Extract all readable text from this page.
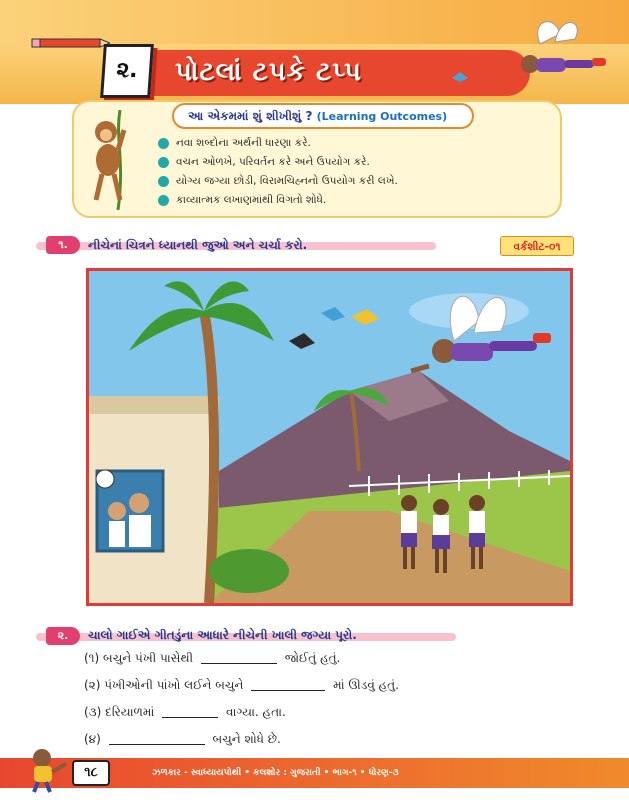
૨.	પોટલાં ટપકે ટપ્પ
આ એકમમાં શું શીખીશું ? (Learning Outcomes)
નવા શબ્દોના અર્થની ધારણા કરે.
વચન ઓળખે, પરિવર્તન કરે અને ઉપયોગ કરે.
યોગ્ય જગ્યા છોડી, વિરામચિહ્નનો ઉપયોગ કરી લખે.
કાવ્યાત્મક લખાણમાંથી વિગતો શોધે.
૧.	નીચેનાં ચિત્રને ધ્યાનથી જુઓ અને ચર્ચા કરો.	વર્કશીટ-૦૧
૨.	ચાલો ગાઈએ ગીતડુંના આધારે નીચેની ખાલી જગ્યા પૂરો.
(૧) બચુને પંખી પાસેથી	જોઈતું હતું.
(૨) પંખીઓની પાંખો લઈને બચુને	માં ઊડવું હતું.
(૩) દરિયાળમાં	વાગ્યા. હતા.
(૪)	બચુને શોધે છે.
૧૮	ઝળકાર - સ્વાધ્યાયપોથી • કલશોર : ગુજરાતી • ભાગ-૧ • ધોરણ-૩
